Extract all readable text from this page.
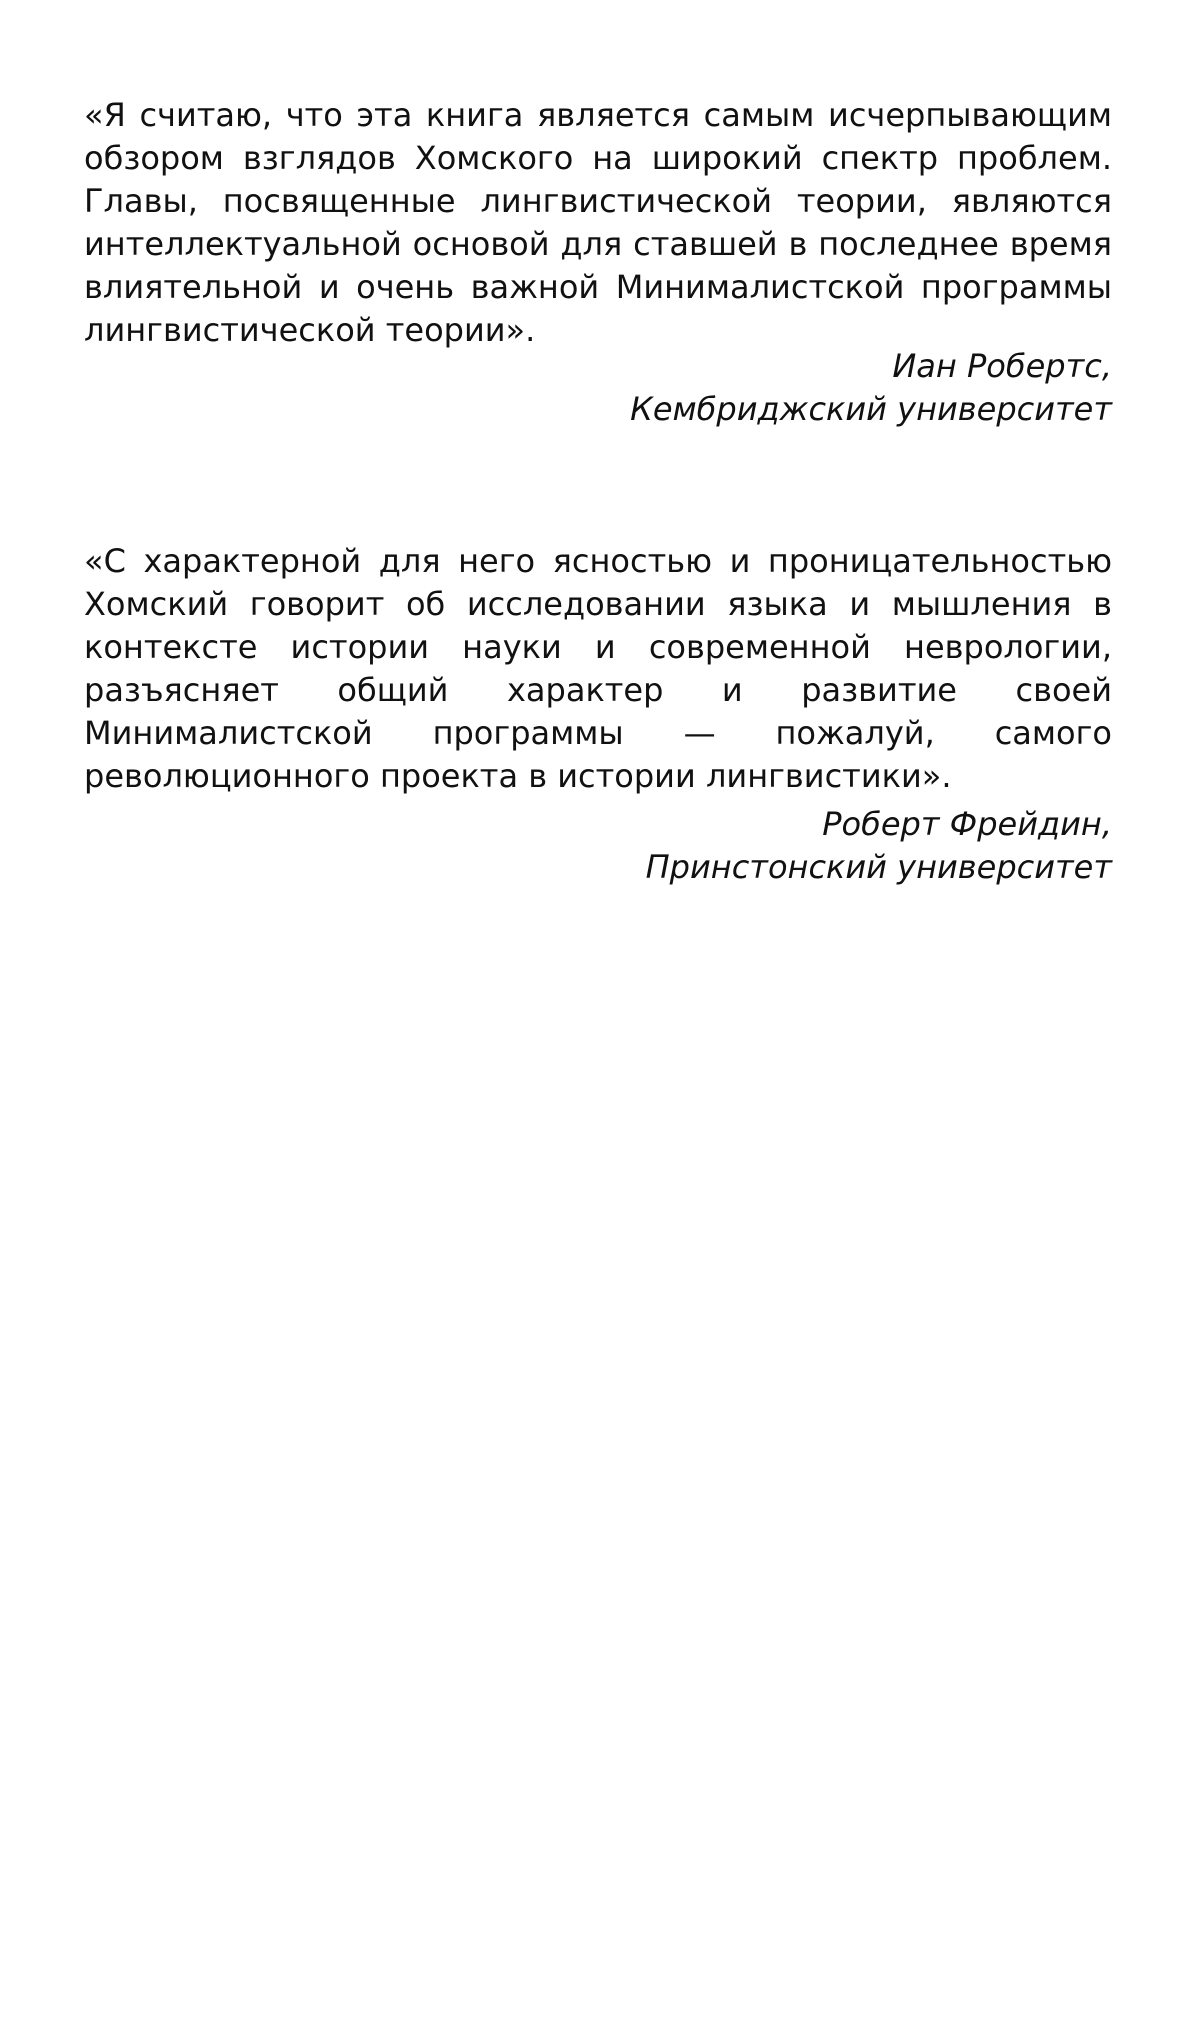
«Я считаю, что эта книга является самым исчерпывающим обзором взглядов Хомского на широкий спектр проблем. Главы, посвященные лингвистической теории, являются интеллектуальной основой для ставшей в последнее время влиятельной и очень важной Минималистской программы лингвистической теории».

Иан Робертс,
Кембриджский университет

«С характерной для него ясностью и проницательностью Хомский говорит об исследовании языка и мышления в контексте истории науки и современной неврологии, разъясняет общий характер и развитие своей Минималистской программы — пожалуй, самого революционного проекта в истории лингвистики».

Роберт Фрейдин,
Принстонский университет
